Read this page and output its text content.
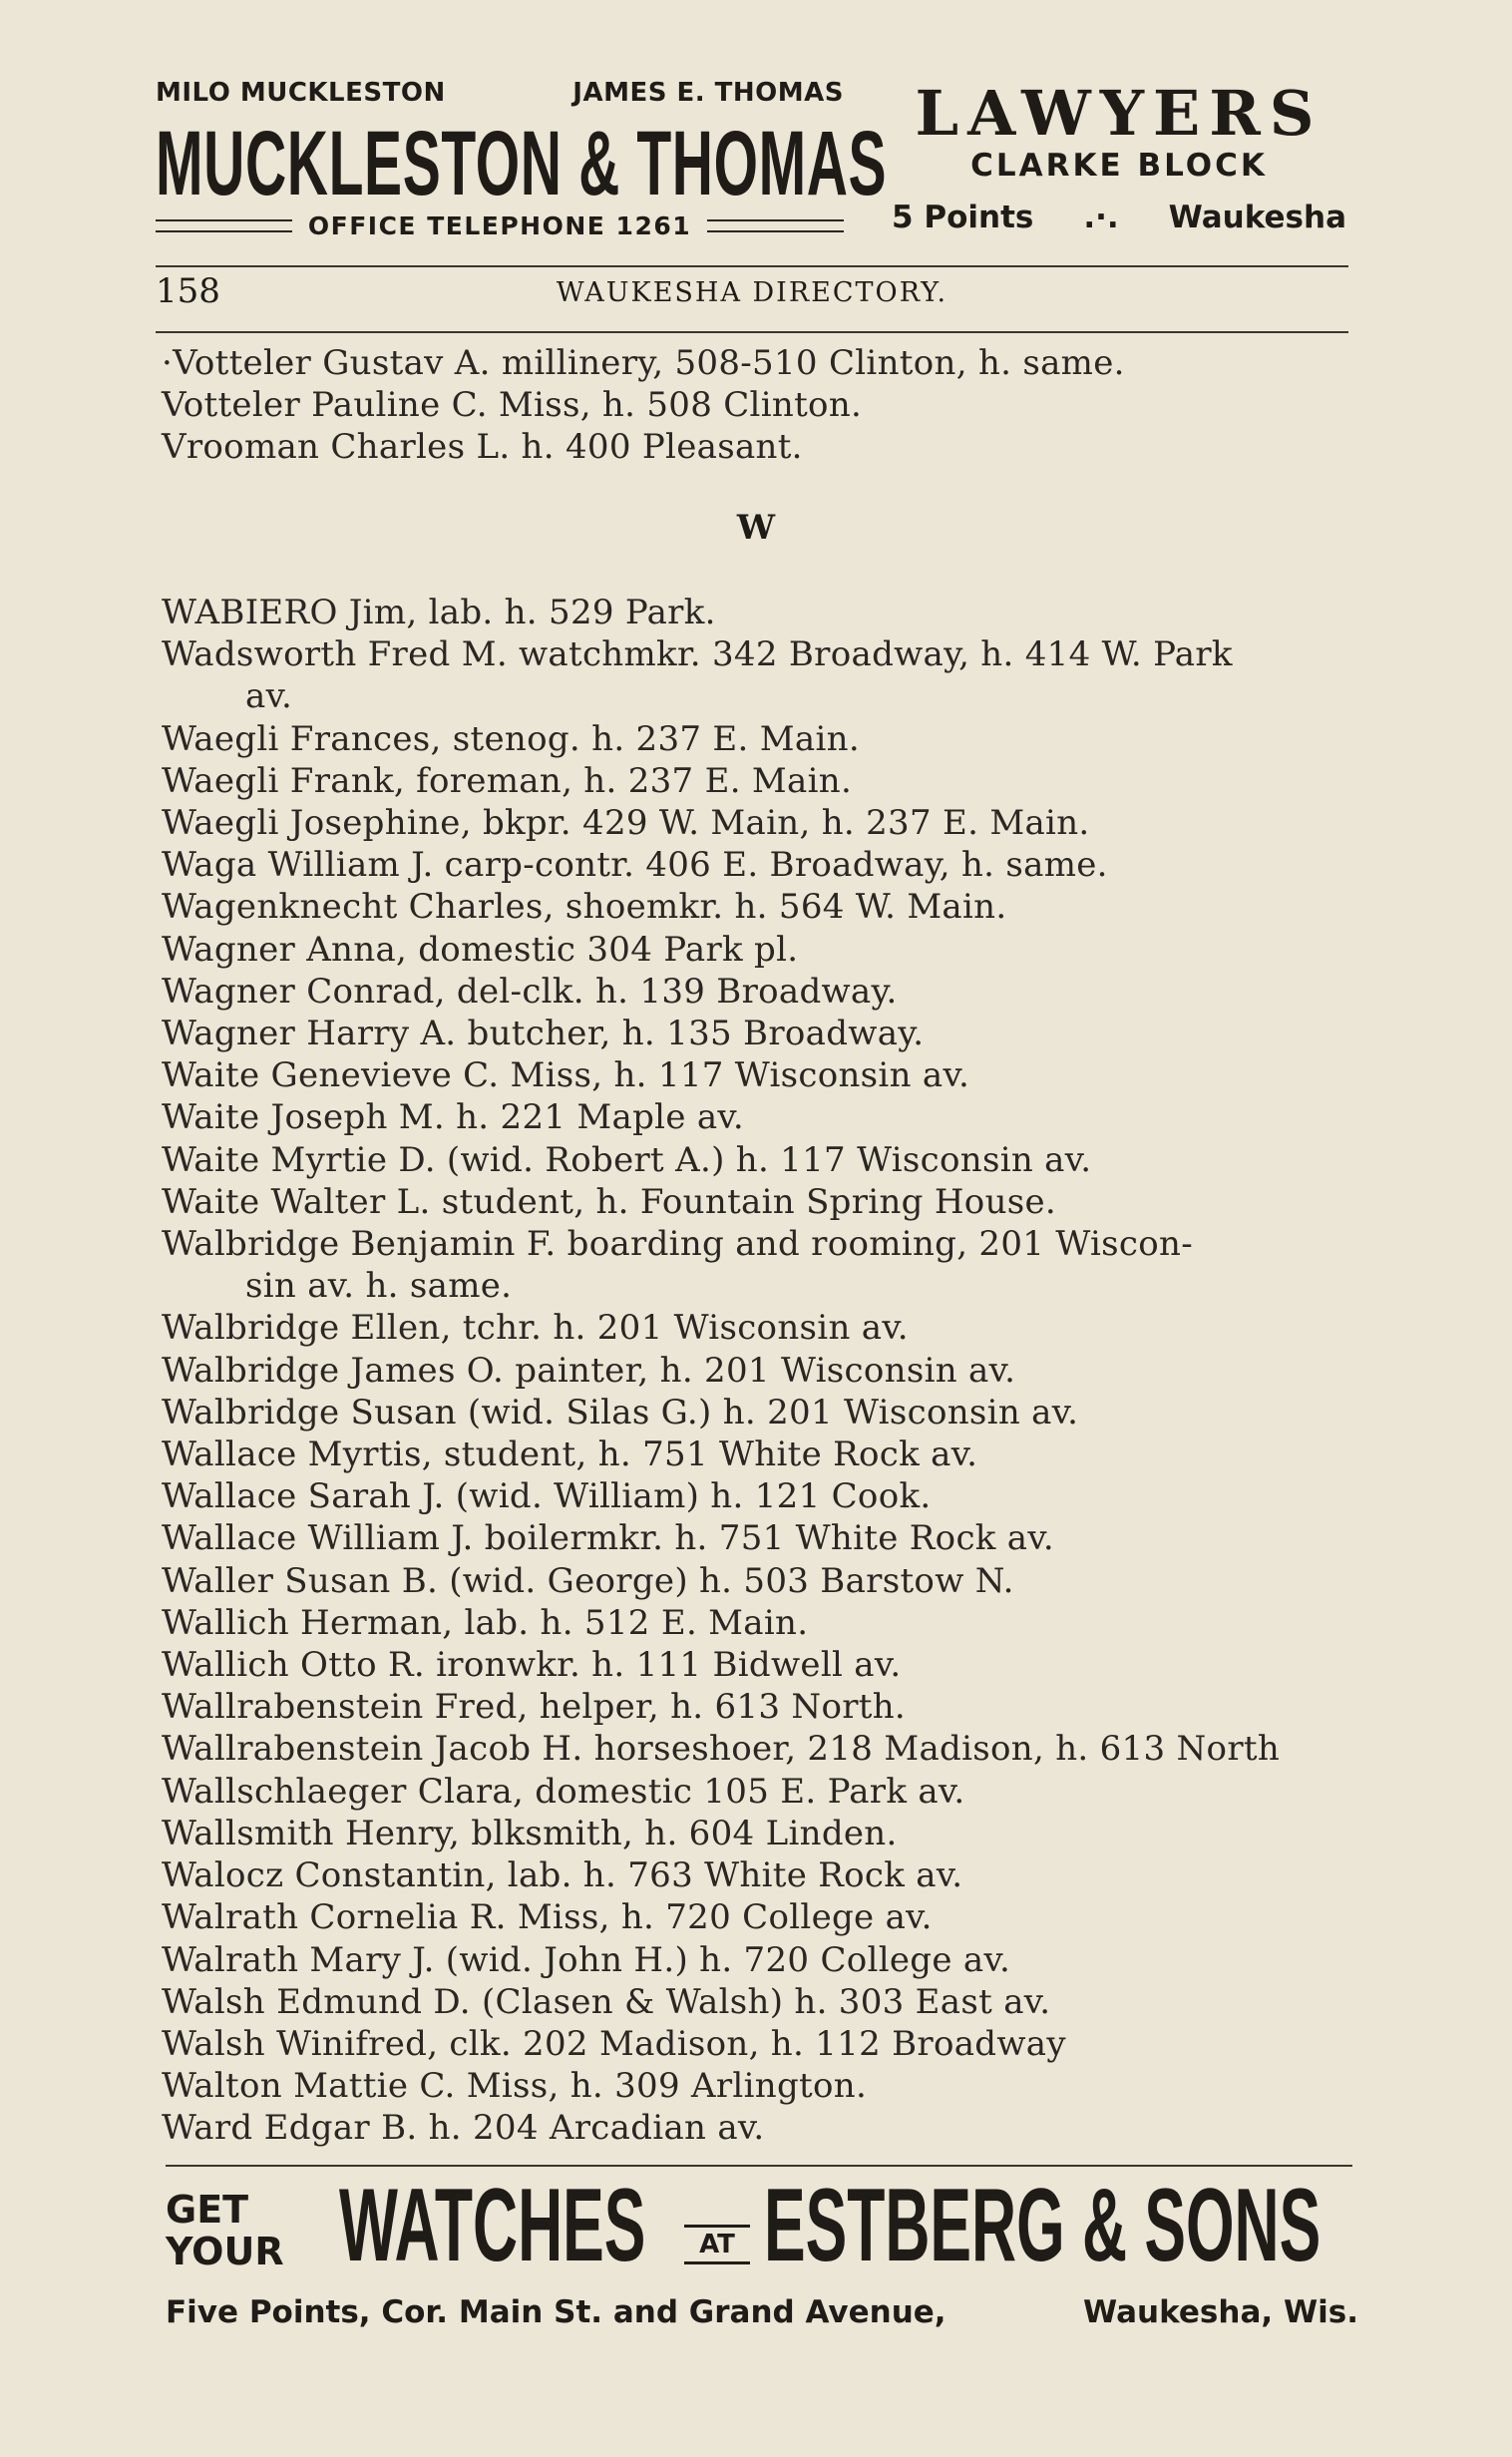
MILO MUCKLESTON	JAMES E. THOMAS
MUCKLESTON & THOMAS
OFFICE TELEPHONE 1261
LAWYERS
CLARKE BLOCK
5 Points .·. Waukesha
158	WAUKESHA DIRECTORY.
·Votteler Gustav A. millinery, 508-510 Clinton, h. same.
Votteler Pauline C. Miss, h. 508 Clinton.
Vrooman Charles L. h. 400 Pleasant.
W
WABIERO Jim, lab. h. 529 Park.
Wadsworth Fred M. watchmkr. 342 Broadway, h. 414 W. Park
av.
Waegli Frances, stenog. h. 237 E. Main.
Waegli Frank, foreman, h. 237 E. Main.
Waegli Josephine, bkpr. 429 W. Main, h. 237 E. Main.
Waga William J. carp-contr. 406 E. Broadway, h. same.
Wagenknecht Charles, shoemkr. h. 564 W. Main.
Wagner Anna, domestic 304 Park pl.
Wagner Conrad, del-clk. h. 139 Broadway.
Wagner Harry A. butcher, h. 135 Broadway.
Waite Genevieve C. Miss, h. 117 Wisconsin av.
Waite Joseph M. h. 221 Maple av.
Waite Myrtie D. (wid. Robert A.) h. 117 Wisconsin av.
Waite Walter L. student, h. Fountain Spring House.
Walbridge Benjamin F. boarding and rooming, 201 Wiscon-
sin av. h. same.
Walbridge Ellen, tchr. h. 201 Wisconsin av.
Walbridge James O. painter, h. 201 Wisconsin av.
Walbridge Susan (wid. Silas G.) h. 201 Wisconsin av.
Wallace Myrtis, student, h. 751 White Rock av.
Wallace Sarah J. (wid. William) h. 121 Cook.
Wallace William J. boilermkr. h. 751 White Rock av.
Waller Susan B. (wid. George) h. 503 Barstow N.
Wallich Herman, lab. h. 512 E. Main.
Wallich Otto R. ironwkr. h. 111 Bidwell av.
Wallrabenstein Fred, helper, h. 613 North.
Wallrabenstein Jacob H. horseshoer, 218 Madison, h. 613 North
Wallschlaeger Clara, domestic 105 E. Park av.
Wallsmith Henry, blksmith, h. 604 Linden.
Walocz Constantin, lab. h. 763 White Rock av.
Walrath Cornelia R. Miss, h. 720 College av.
Walrath Mary J. (wid. John H.) h. 720 College av.
Walsh Edmund D. (Clasen & Walsh) h. 303 East av.
Walsh Winifred, clk. 202 Madison, h. 112 Broadway
Walton Mattie C. Miss, h. 309 Arlington.
Ward Edgar B. h. 204 Arcadian av.
GET
YOUR WATCHES	AT ESTBERG & SONS
Five Points, Cor. Main St. and Grand Avenue,	Waukesha, Wis.
